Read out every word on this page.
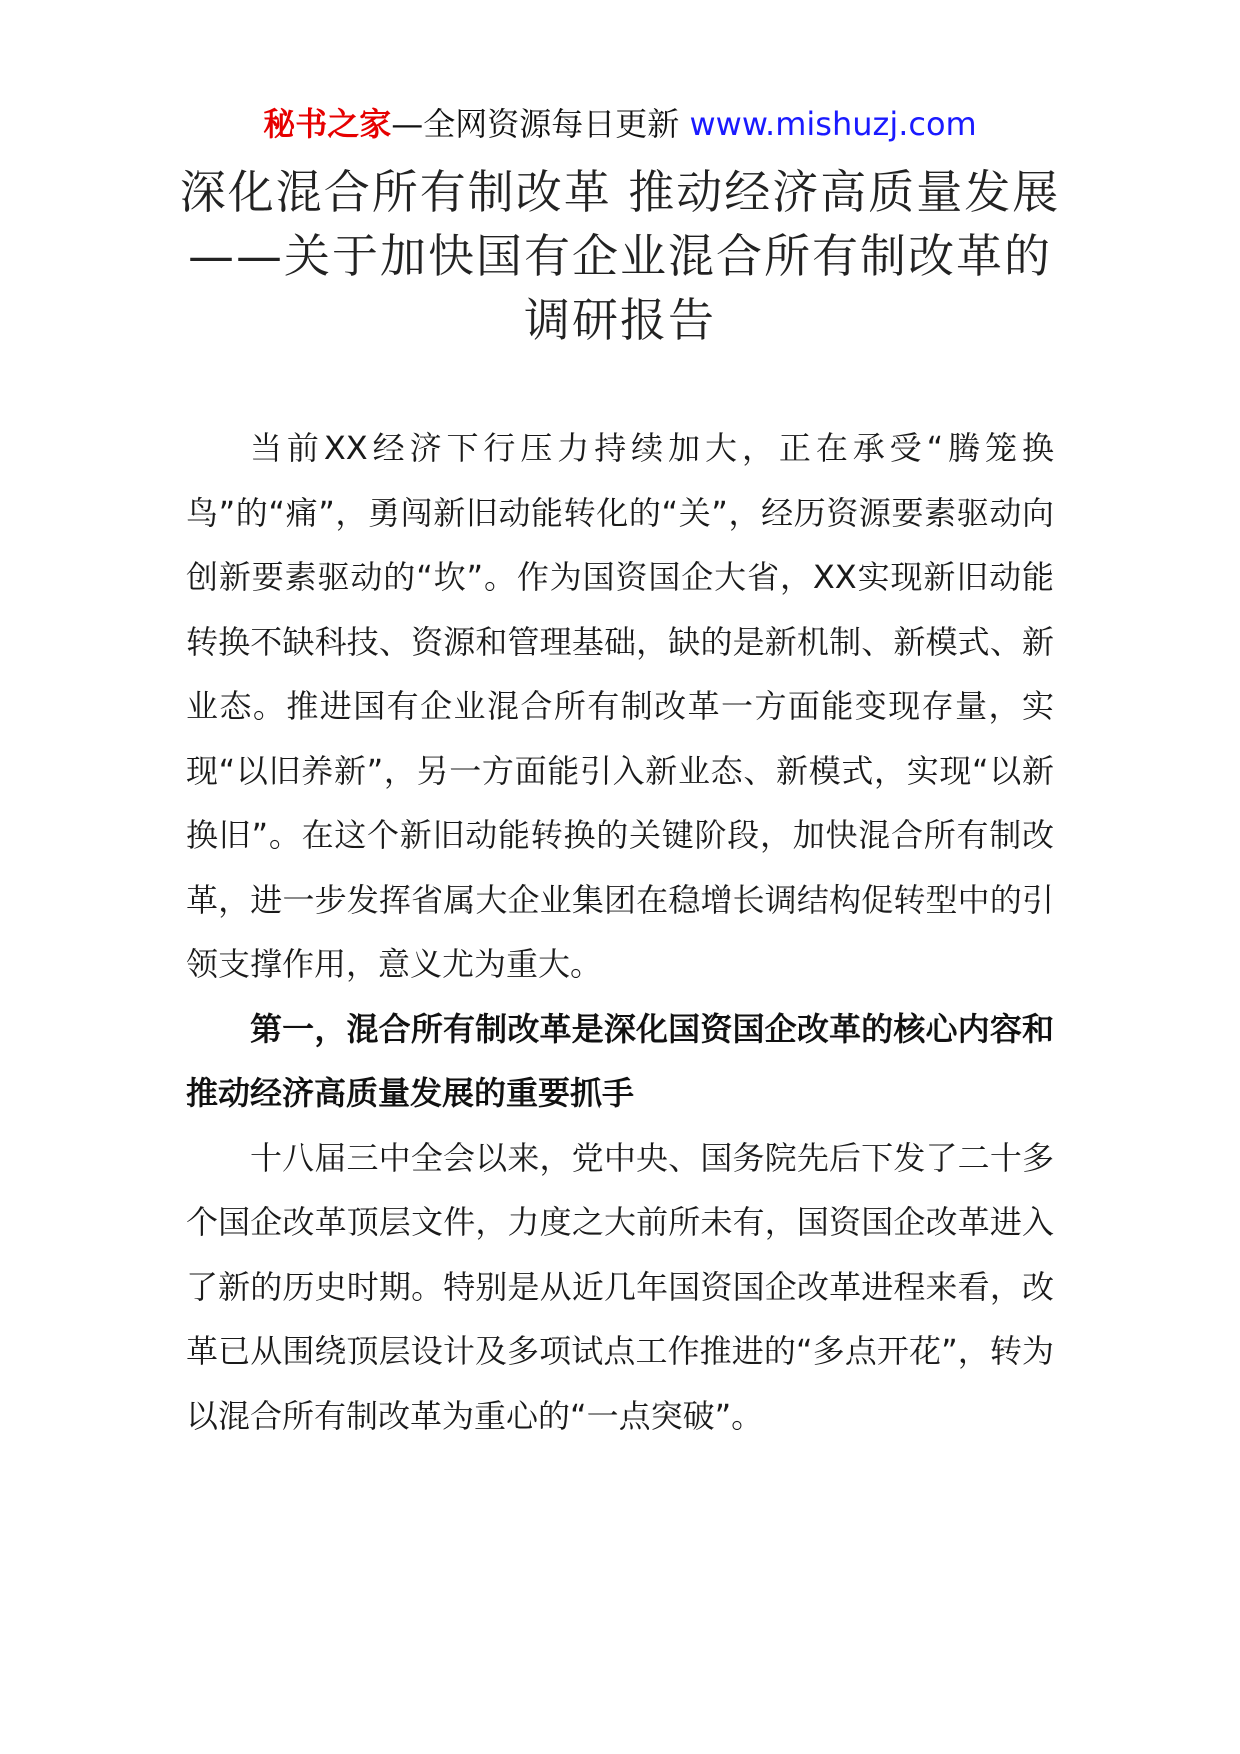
秘书之家—全网资源每日更新 www.mishuzj.com
深化混合所有制改革 推动经济高质量发展
——关于加快国有企业混合所有制改革的
调研报告

当前XX经济下行压力持续加大，正在承受“腾笼换鸟”的“痛”，勇闯新旧动能转化的“关”，经历资源要素驱动向创新要素驱动的“坎”。作为国资国企大省，XX实现新旧动能转换不缺科技、资源和管理基础，缺的是新机制、新模式、新业态。推进国有企业混合所有制改革一方面能变现存量，实现“以旧养新”，另一方面能引入新业态、新模式，实现“以新换旧”。在这个新旧动能转换的关键阶段，加快混合所有制改革，进一步发挥省属大企业集团在稳增长调结构促转型中的引领支撑作用，意义尤为重大。

第一，混合所有制改革是深化国资国企改革的核心内容和推动经济高质量发展的重要抓手

十八届三中全会以来，党中央、国务院先后下发了二十多个国企改革顶层文件，力度之大前所未有，国资国企改革进入了新的历史时期。特别是从近几年国资国企改革进程来看，改革已从围绕顶层设计及多项试点工作推进的“多点开花”，转为以混合所有制改革为重心的“一点突破”。
